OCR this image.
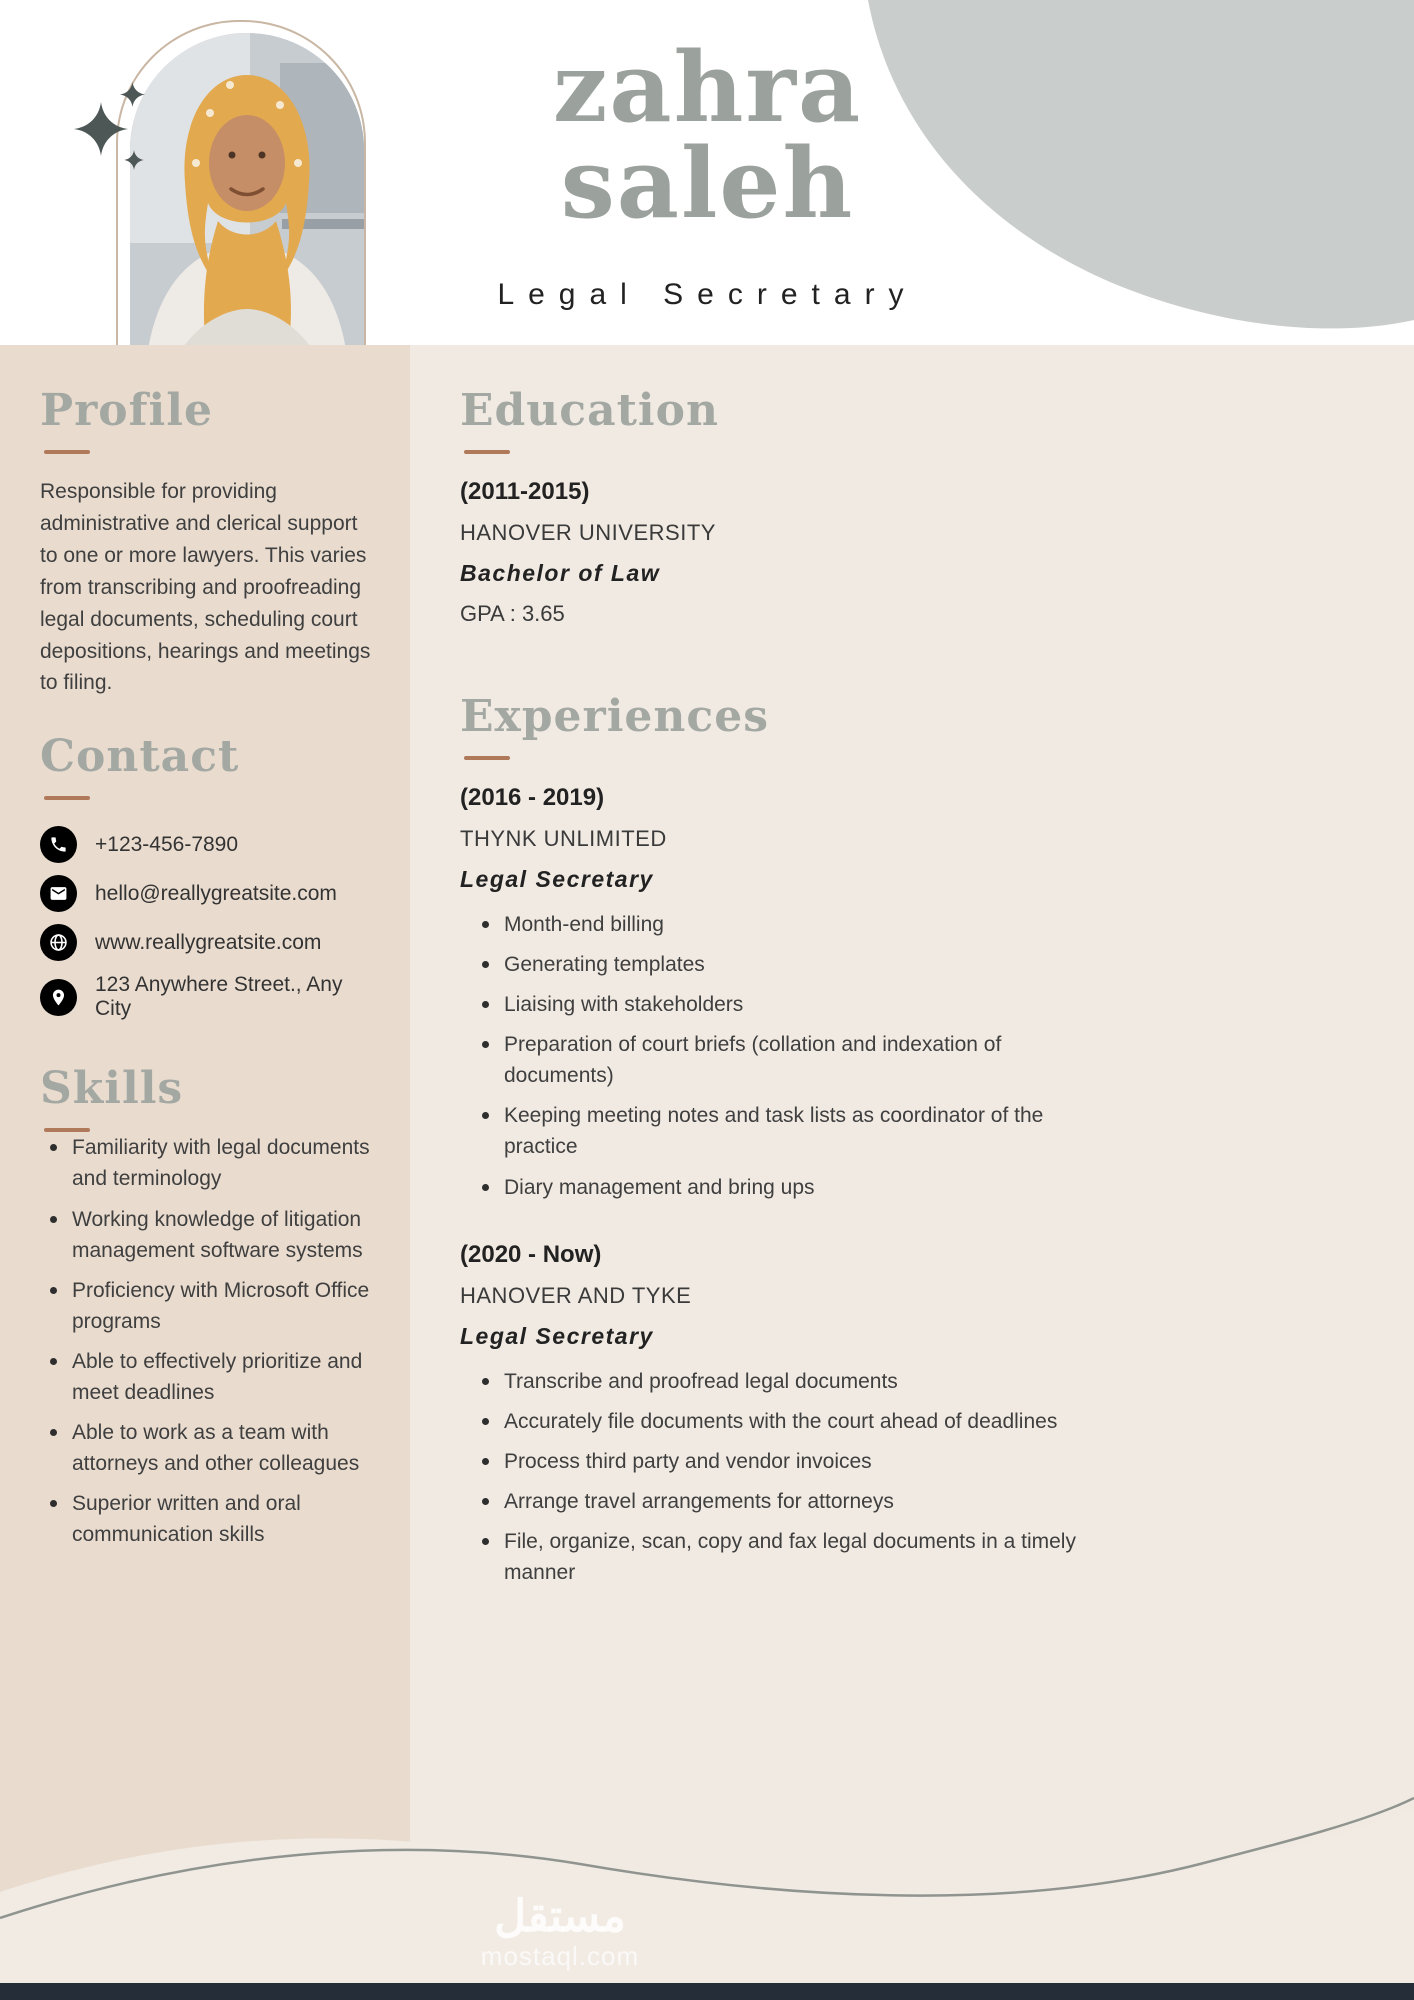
zahra
saleh
Legal Secretary
Profile

Responsible for providing administrative and clerical support to one or more lawyers. This varies from transcribing and proofreading legal documents, scheduling court depositions, hearings and meetings to filing.

Contact
+123-456-7890
hello@reallygreatsite.com
www.reallygreatsite.com
123 Anywhere Street., Any City
Skills
Familiarity with legal documents and terminology
Working knowledge of litigation management software systems
Proficiency with Microsoft Office programs
Able to effectively prioritize and meet deadlines
Able to work as a team with attorneys and other colleagues
Superior written and oral communication skills
Education
(2011-2015)
HANOVER UNIVERSITY
Bachelor of Law
GPA : 3.65
Experiences
(2016 - 2019)
THYNK UNLIMITED
Legal Secretary
Month-end billing
Generating templates
Liaising with stakeholders
Preparation of court briefs (collation and indexation of documents)
Keeping meeting notes and task lists as coordinator of the practice
Diary management and bring ups
(2020 - Now)
HANOVER AND TYKE
Legal Secretary
Transcribe and proofread legal documents
Accurately file documents with the court ahead of deadlines
Process third party and vendor invoices
Arrange travel arrangements for attorneys
File, organize, scan, copy and fax legal documents in a timely manner
مستقل
mostaql.com
